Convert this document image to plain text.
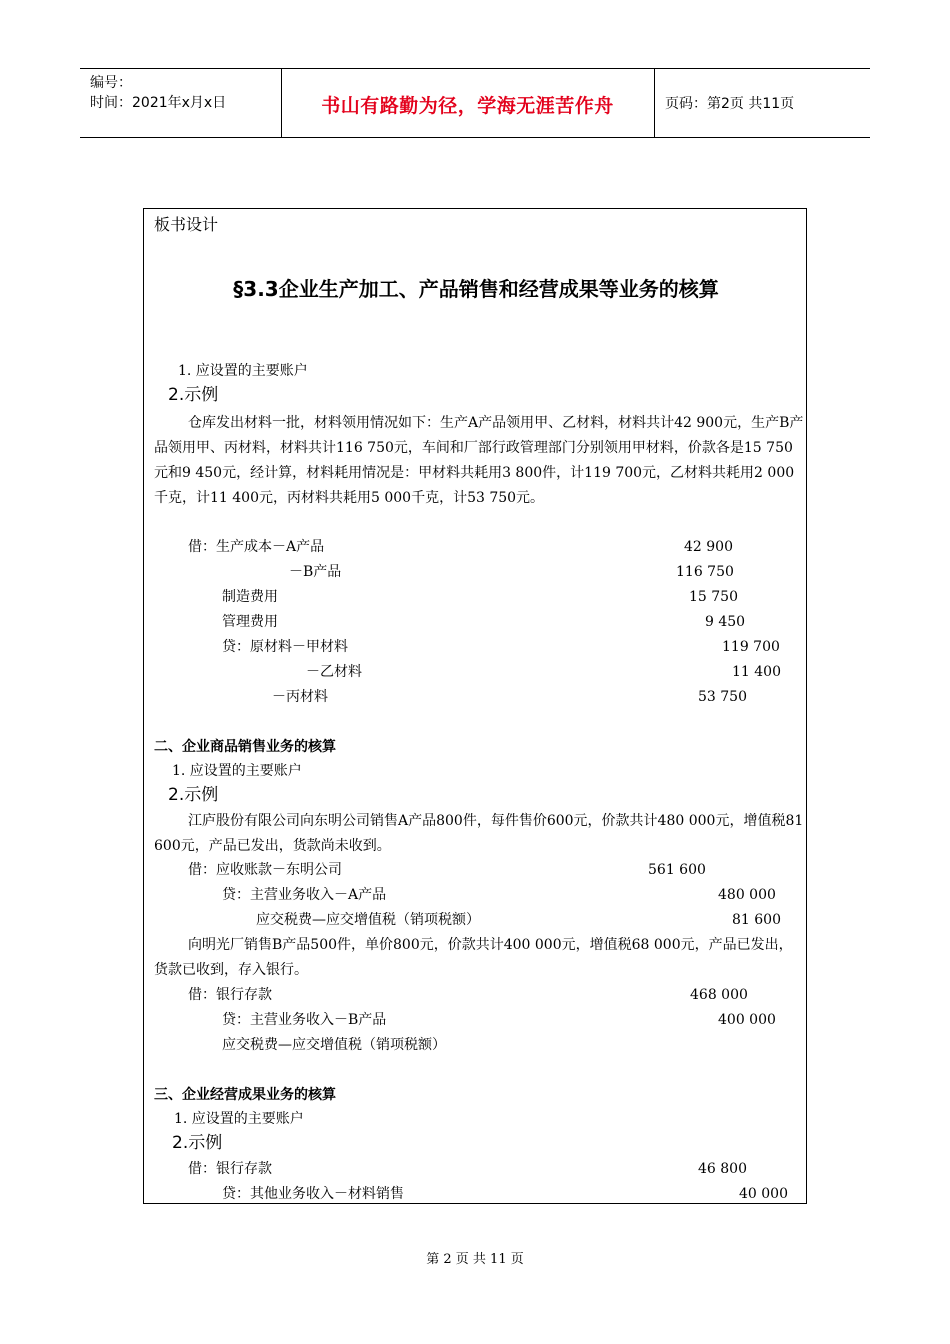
编号：
时间：2021年x月x日	书山有路勤为径，学海无涯苦作舟	页码：第2页 共11页
板书设计
§3.3企业生产加工、产品销售和经营成果等业务的核算
1. 应设置的主要账户
2.示例
仓库发出材料一批，材料领用情况如下：生产A产品领用甲、乙材料，材料共计42 900元，生产B产品领用甲、丙材料，材料共计116 750元，车间和厂部行政管理部门分别领用甲材料，价款各是15 750元和9 450元，经计算，材料耗用情况是：甲材料共耗用3 800件，计119 700元，乙材料共耗用2 000千克，计11 400元，丙材料共耗用5 000千克，计53 750元。
借：生产成本－A产品	42 900
－B产品	116 750
制造费用	15 750
管理费用	9 450
贷：原材料－甲材料	119 700
－乙材料	11 400
－丙材料	53 750
二、企业商品销售业务的核算
1. 应设置的主要账户
2.示例
江庐股份有限公司向东明公司销售A产品800件，每件售价600元，价款共计480 000元，增值税81 600元，产品已发出，货款尚未收到。
借：应收账款－东明公司	561 600
贷：主营业务收入－A产品	480 000
应交税费—应交增值税（销项税额）	81 600
向明光厂销售B产品500件，单价800元，价款共计400 000元，增值税68 000元，产品已发出，货款已收到，存入银行。
借：银行存款	468 000
贷：主营业务收入－B产品	400 000
应交税费—应交增值税（销项税额）
三、企业经营成果业务的核算
1. 应设置的主要账户
2.示例
借：银行存款	46 800
贷：其他业务收入－材料销售	40 000
第 2 页 共 11 页
